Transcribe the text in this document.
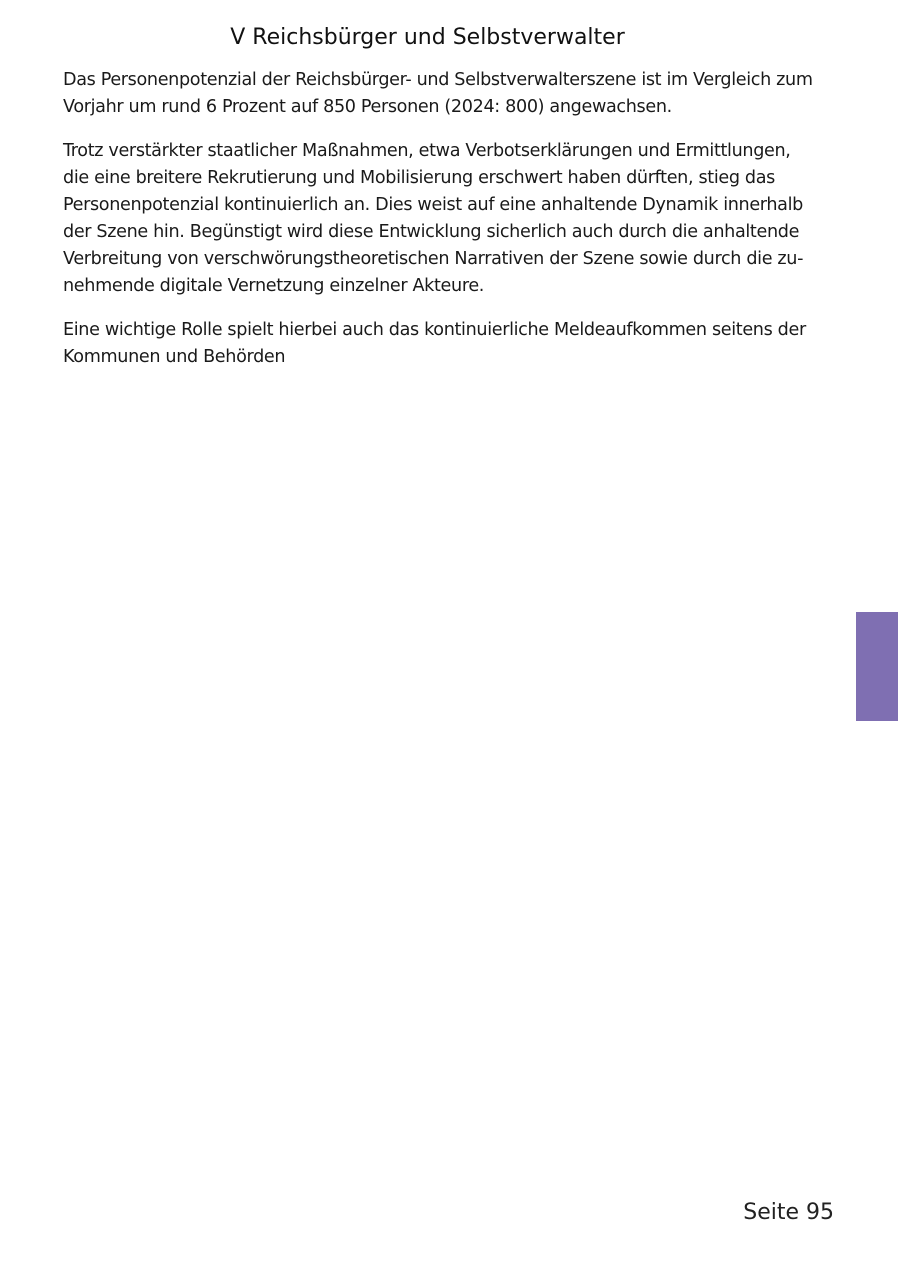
V Reichsbürger und Selbstverwalter

Das Personenpotenzial der Reichsbürger- und Selbstverwalterszene ist im Vergleich zum
Vorjahr um rund 6 Prozent auf 850 Personen (2024: 800) angewachsen.

Trotz verstärkter staatlicher Maßnahmen, etwa Verbotserklärungen und Ermittlungen,
die eine breitere Rekrutierung und Mobilisierung erschwert haben dürften, stieg das
Personenpotenzial kontinuierlich an. Dies weist auf eine anhaltende Dynamik innerhalb
der Szene hin. Begünstigt wird diese Entwicklung sicherlich auch durch die anhaltende
Verbreitung von verschwörungstheoretischen Narrativen der Szene sowie durch die zu-
nehmende digitale Vernetzung einzelner Akteure.

Eine wichtige Rolle spielt hierbei auch das kontinuierliche Meldeaufkommen seitens der
Kommunen und Behörden

Seite 95
